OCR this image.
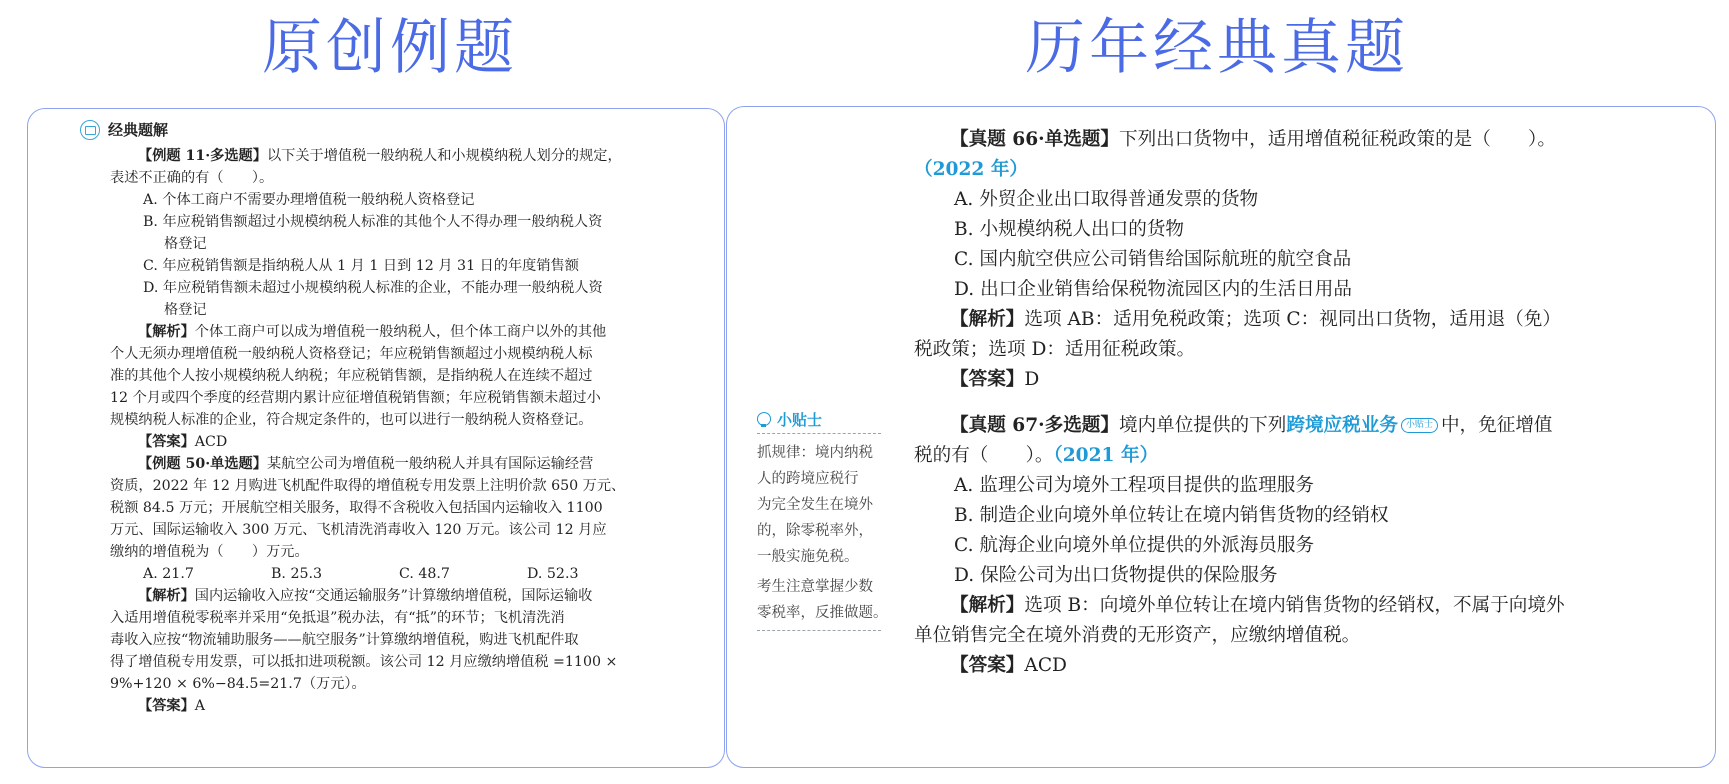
原创例题	历年经典真题
经典题解
【例题 11·多选题】以下关于增值税一般纳税人和小规模纳税人划分的规定，
表述不正确的有（　　）。
A. 个体工商户不需要办理增值税一般纳税人资格登记
B. 年应税销售额超过小规模纳税人标准的其他个人不得办理一般纳税人资
格登记
C. 年应税销售额是指纳税人从 1 月 1 日到 12 月 31 日的年度销售额
D. 年应税销售额未超过小规模纳税人标准的企业，不能办理一般纳税人资
格登记
【解析】个体工商户可以成为增值税一般纳税人，但个体工商户以外的其他
个人无须办理增值税一般纳税人资格登记；年应税销售额超过小规模纳税人标
准的其他个人按小规模纳税人纳税；年应税销售额，是指纳税人在连续不超过
12 个月或四个季度的经营期内累计应征增值税销售额；年应税销售额未超过小
规模纳税人标准的企业，符合规定条件的，也可以进行一般纳税人资格登记。
【答案】ACD
【例题 50·单选题】某航空公司为增值税一般纳税人并具有国际运输经营
资质，2022 年 12 月购进飞机配件取得的增值税专用发票上注明价款 650 万元、
税额 84.5 万元；开展航空相关服务，取得不含税收入包括国内运输收入 1100
万元、国际运输收入 300 万元、飞机清洗消毒收入 120 万元。该公司 12 月应
缴纳的增值税为（　　）万元。
A. 21.7	B. 25.3	C. 48.7	D. 52.3
【解析】国内运输收入应按“交通运输服务”计算缴纳增值税，国际运输收
入适用增值税零税率并采用“免抵退”税办法，有“抵”的环节；飞机清洗消
毒收入应按“物流辅助服务——航空服务”计算缴纳增值税，购进飞机配件取
得了增值税专用发票，可以抵扣进项税额。该公司 12 月应缴纳增值税 =1100 ×
9%+120 × 6%−84.5=21.7（万元）。
【答案】A
小贴士
抓规律：境内纳税
人的跨境应税行
为完全发生在境外
的，除零税率外，
一般实施免税。
考生注意掌握少数
零税率，反推做题。
【真题 66·单选题】下列出口货物中，适用增值税征税政策的是（　　）。
（2022 年）
A. 外贸企业出口取得普通发票的货物
B. 小规模纳税人出口的货物
C. 国内航空供应公司销售给国际航班的航空食品
D. 出口企业销售给保税物流园区内的生活日用品
【解析】选项 AB：适用免税政策；选项 C：视同出口货物，适用退（免）
税政策；选项 D：适用征税政策。
【答案】D
【真题 67·多选题】境内单位提供的下列跨境应税业务 小贴士 中，免征增值
税的有（　　）。（2021 年）
A. 监理公司为境外工程项目提供的监理服务
B. 制造企业向境外单位转让在境内销售货物的经销权
C. 航海企业向境外单位提供的外派海员服务
D. 保险公司为出口货物提供的保险服务
【解析】选项 B：向境外单位转让在境内销售货物的经销权，不属于向境外
单位销售完全在境外消费的无形资产，应缴纳增值税。
【答案】ACD
